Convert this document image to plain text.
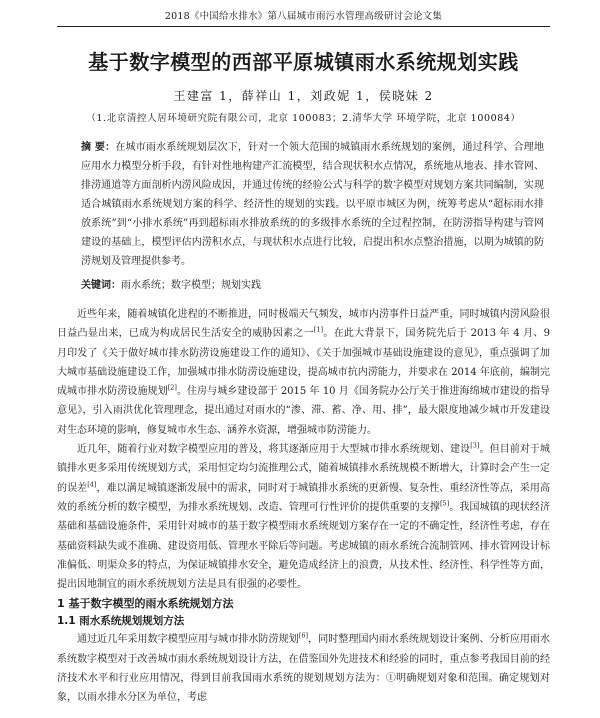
2018《中国给水排水》第八届城市雨污水管理高级研讨会论文集
基于数字模型的西部平原城镇雨水系统规划实践
王建富 1，薛祥山 1，刘政妮 1，侯晓妹 2
（1.北京清控人居环境研究院有限公司，北京 100083；2.清华大学 环境学院，北京 100084）

摘 要：在城市雨水系统规划层次下，针对一个领大范围的城镇雨水系统规划的案例，通过科学、合理地应用水力模型分析手段，有针对性地构建产汇流模型，结合现状积水点情况，系统地从地表、排水管网、排涝通道等方面剖析内涝风险成因，并通过传统的经验公式与科学的数字模型对规划方案共同编制，实现适合城镇雨水系统规划方案的科学、经济性的规划的实践。以平原市城区为例，统筹考虑从“超标雨水排放系统”到“小排水系统”再到超标雨水排放系统的的多级排水系统的全过程控制，在防涝指导构建与管网建设的基础上，模型评估内涝积水点，与现状积水点进行比较，启提出积水点整治措施，以期为城镇的防涝规划及管理提供参考。

关键词：雨水系统；数字模型；规划实践

近些年来，随着城镇化进程的不断推进，同时极端天气频发，城市内涝事件日益严重，同时城镇内涝风险很日益凸显出来，已成为构成居民生活安全的威胁因素之一[1]。在此大背景下，国务院先后于 2013 年 4 月、9 月印发了《关于做好城市排水防涝设施建设工作的通知》、《关于加强城市基础设施建设的意见》，重点强调了加大城市基础设施建设工作，加强城市排水防涝设施建设，提高城市抗内涝能力，并要求在 2014 年底前，编制完成城市排水防涝设施规划[2]。住房与城乡建设部于 2015 年 10 月《国务院办公厅关于推进海绵城市建设的指导意见》，引入雨洪优化管理理念，提出通过对雨水的“渗、滞、蓄、净、用、排”，最大限度地减少城市开发建设对生态环境的影响，修复城市水生态、涵养水资源，增强城市防涝能力。

近几年，随着行业对数字模型应用的普及，将其逐渐应用于大型城市排水系统规划、建设[3]。但目前对于城镇排水更多采用传统规划方式，采用恒定均匀流推理公式，随着城镇排水系统规模不断增大，计算时会产生一定的误差[4]，难以满足城镇逐渐发展中的需求，同时对于城镇排水系统的更新慢、复杂性、重经济性等点，采用高效的系统分析的数字模型，为排水系统规划、改造、管理可行性评价的提供重要的支撑[5]。我国城镇的现状经济基础和基础设施条件，采用针对城市的基于数字模型雨水系统规划方案存在一定的不确定性，经济性考虑，存在基础资料缺失或不准确、建设资用低、管理水平除后等问题。考虑城镇的雨水系统合流制管网、排水管网设计标准偏低、明渠众多的特点，为保证城镇排水安全，避免造成经济上的浪费，从技术性、经济性、科学性等方面，提出因地制宜的雨水系统规划方法是具有很强的必要性。

1 基于数字模型的雨水系统规划方法
1.1 雨水系统规划规划方法

通过近几年采用数字模型应用与城市排水防涝规划[6]，同时整理国内雨水系统规划设计案例、分析应用雨水系统数字模型对于改善城市雨水系统规划设计方法，在借鉴国外先进技术和经验的同时，重点参考我国目前的经济技术水平和行业应用情况，得到目前我国雨水系统的规划规划方法为：①明确规划对象和范围。确定规划对象，以雨水排水分区为单位，考虑
